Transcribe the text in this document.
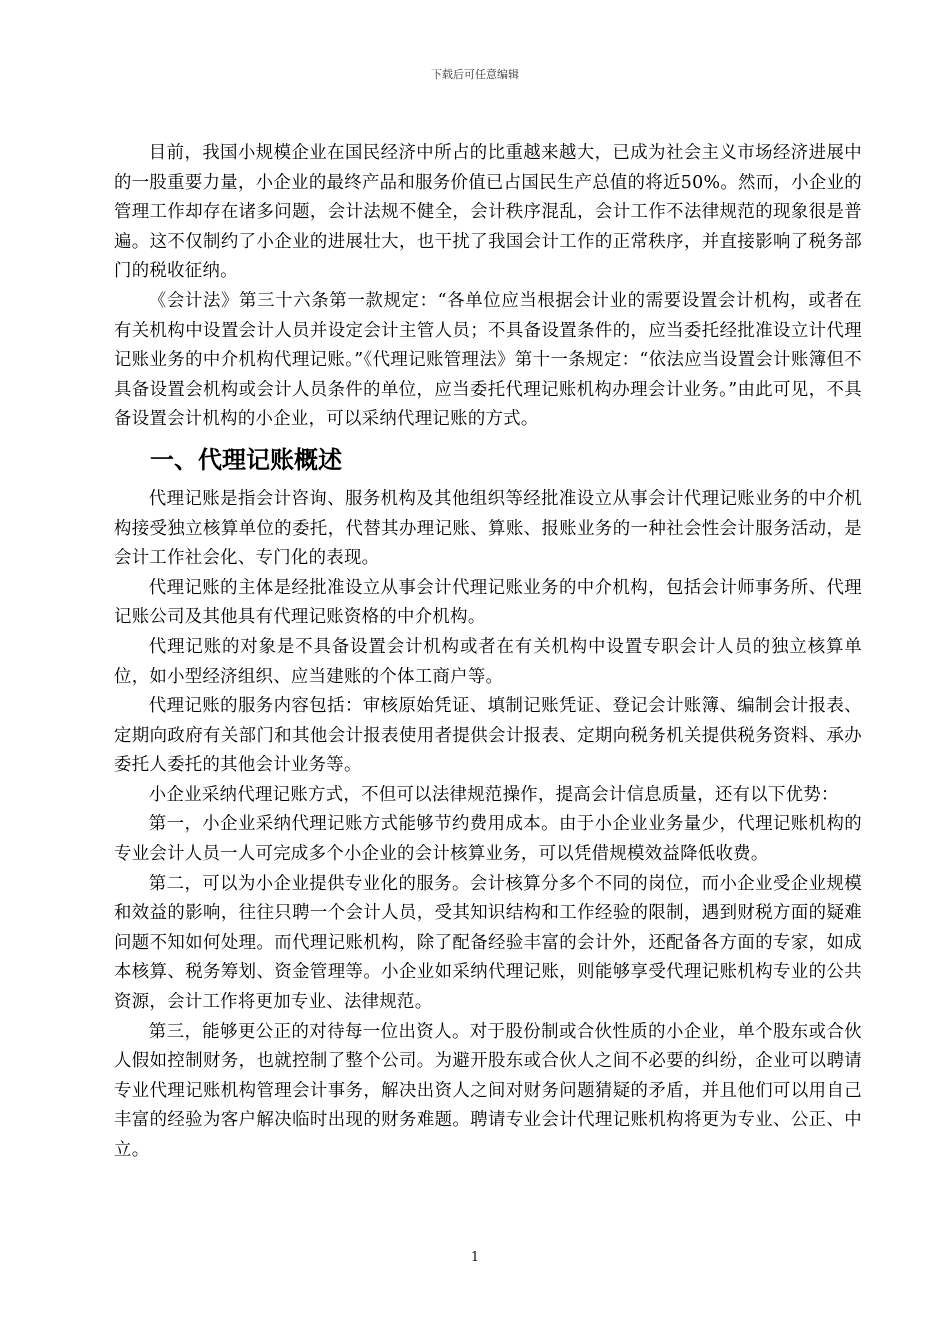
下载后可任意编辑

目前，我国小规模企业在国民经济中所占的比重越来越大，已成为社会主义市场经济进展中的一股重要力量，小企业的最终产品和服务价值已占国民生产总值的将近50%。然而，小企业的管理工作却存在诸多问题，会计法规不健全，会计秩序混乱，会计工作不法律规范的现象很是普遍。这不仅制约了小企业的进展壮大，也干扰了我国会计工作的正常秩序，并直接影响了税务部门的税收征纳。

《会计法》第三十六条第一款规定：“各单位应当根据会计业的需要设置会计机构，或者在有关机构中设置会计人员并设定会计主管人员；不具备设置条件的，应当委托经批准设立计代理记账业务的中介机构代理记账。”《代理记账管理法》第十一条规定：“依法应当设置会计账簿但不具备设置会机构或会计人员条件的单位，应当委托代理记账机构办理会计业务。”由此可见，不具备设置会计机构的小企业，可以采纳代理记账的方式。

一、代理记账概述

代理记账是指会计咨询、服务机构及其他组织等经批准设立从事会计代理记账业务的中介机构接受独立核算单位的委托，代替其办理记账、算账、报账业务的一种社会性会计服务活动，是会计工作社会化、专门化的表现。

代理记账的主体是经批准设立从事会计代理记账业务的中介机构，包括会计师事务所、代理记账公司及其他具有代理记账资格的中介机构。

代理记账的对象是不具备设置会计机构或者在有关机构中设置专职会计人员的独立核算单位，如小型经济组织、应当建账的个体工商户等。

代理记账的服务内容包括：审核原始凭证、填制记账凭证、登记会计账簿、编制会计报表、定期向政府有关部门和其他会计报表使用者提供会计报表、定期向税务机关提供税务资料、承办委托人委托的其他会计业务等。

小企业采纳代理记账方式，不但可以法律规范操作，提高会计信息质量，还有以下优势：

第一，小企业采纳代理记账方式能够节约费用成本。由于小企业业务量少，代理记账机构的专业会计人员一人可完成多个小企业的会计核算业务，可以凭借规模效益降低收费。

第二，可以为小企业提供专业化的服务。会计核算分多个不同的岗位，而小企业受企业规模和效益的影响，往往只聘一个会计人员，受其知识结构和工作经验的限制，遇到财税方面的疑难问题不知如何处理。而代理记账机构，除了配备经验丰富的会计外，还配备各方面的专家，如成本核算、税务筹划、资金管理等。小企业如采纳代理记账，则能够享受代理记账机构专业的公共资源，会计工作将更加专业、法律规范。

第三，能够更公正的对待每一位出资人。对于股份制或合伙性质的小企业，单个股东或合伙人假如控制财务，也就控制了整个公司。为避开股东或合伙人之间不必要的纠纷，企业可以聘请专业代理记账机构管理会计事务，解决出资人之间对财务问题猜疑的矛盾，并且他们可以用自己丰富的经验为客户解决临时出现的财务难题。聘请专业会计代理记账机构将更为专业、公正、中立。

1
